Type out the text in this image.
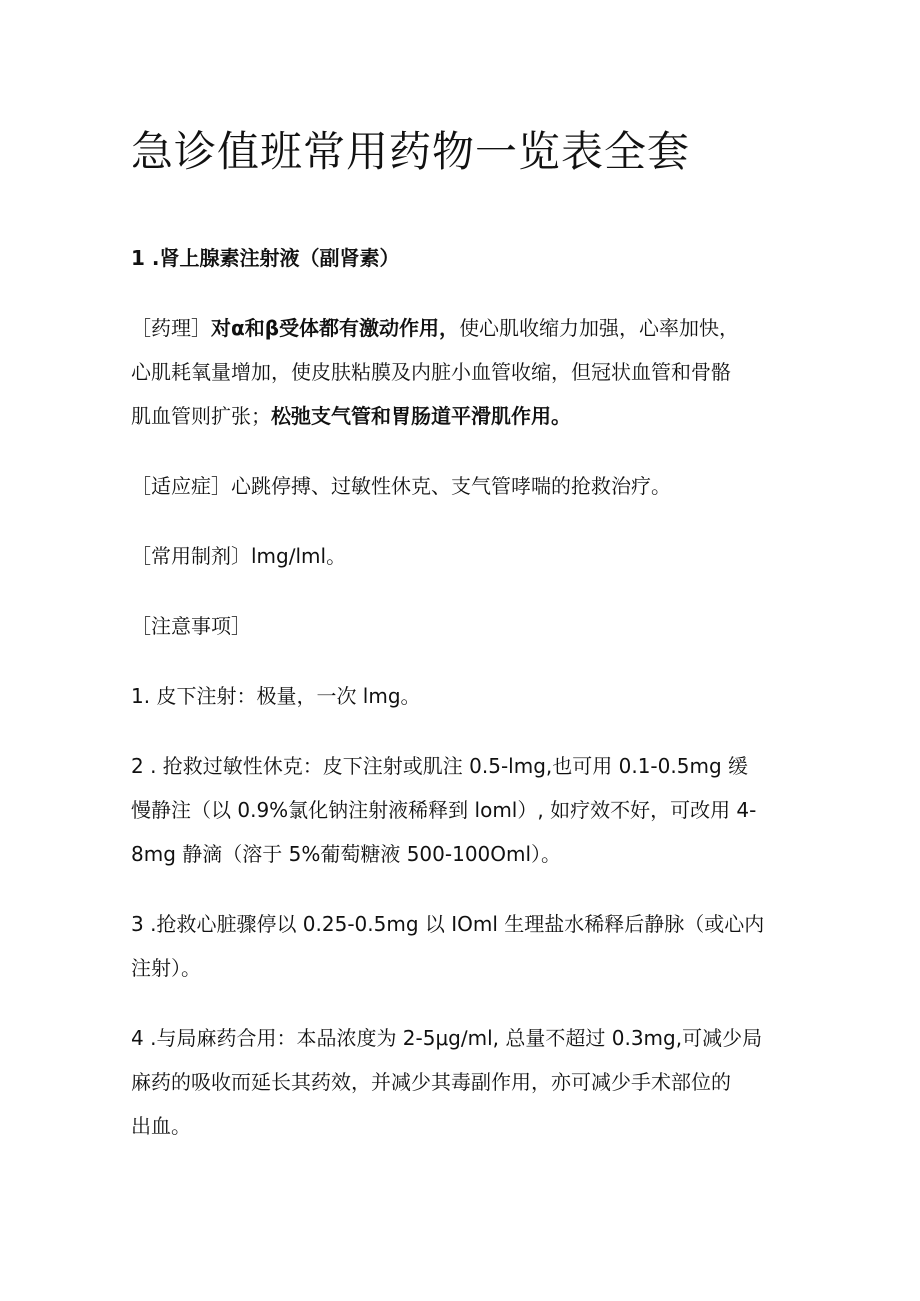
急诊值班常用药物一览表全套

1 .肾上腺素注射液（副肾素）

［药理］对α和β受体都有激动作用，使心肌收缩力加强，心率加快，

心肌耗氧量增加，使皮肤粘膜及内脏小血管收缩，但冠状血管和骨骼

肌血管则扩张；松弛支气管和胃肠道平滑肌作用。

［适应症］心跳停搏、过敏性休克、支气管哮喘的抢救治疗。

［常用制剂〕lmg∕lml。

［注意事项］

1. 皮下注射：极量，一次 lmg。

2 . 抢救过敏性休克：皮下注射或肌注 0.5-lmg,也可用 0.1-0.5mg 缓

慢静注（以 0.9%氯化钠注射液稀释到 loml）, 如疗效不好，可改用 4-

8mg 静滴（溶于 5%葡萄糖液 500-100Oml）。

3 .抢救心脏骤停以 0.25-0.5mg 以 IOml 生理盐水稀释后静脉（或心内

注射）。

4 .与局麻药合用：本品浓度为 2-5μg∕ml, 总量不超过 0.3mg,可减少局

麻药的吸收而延长其药效，并减少其毒副作用，亦可减少手术部位的

出血。
